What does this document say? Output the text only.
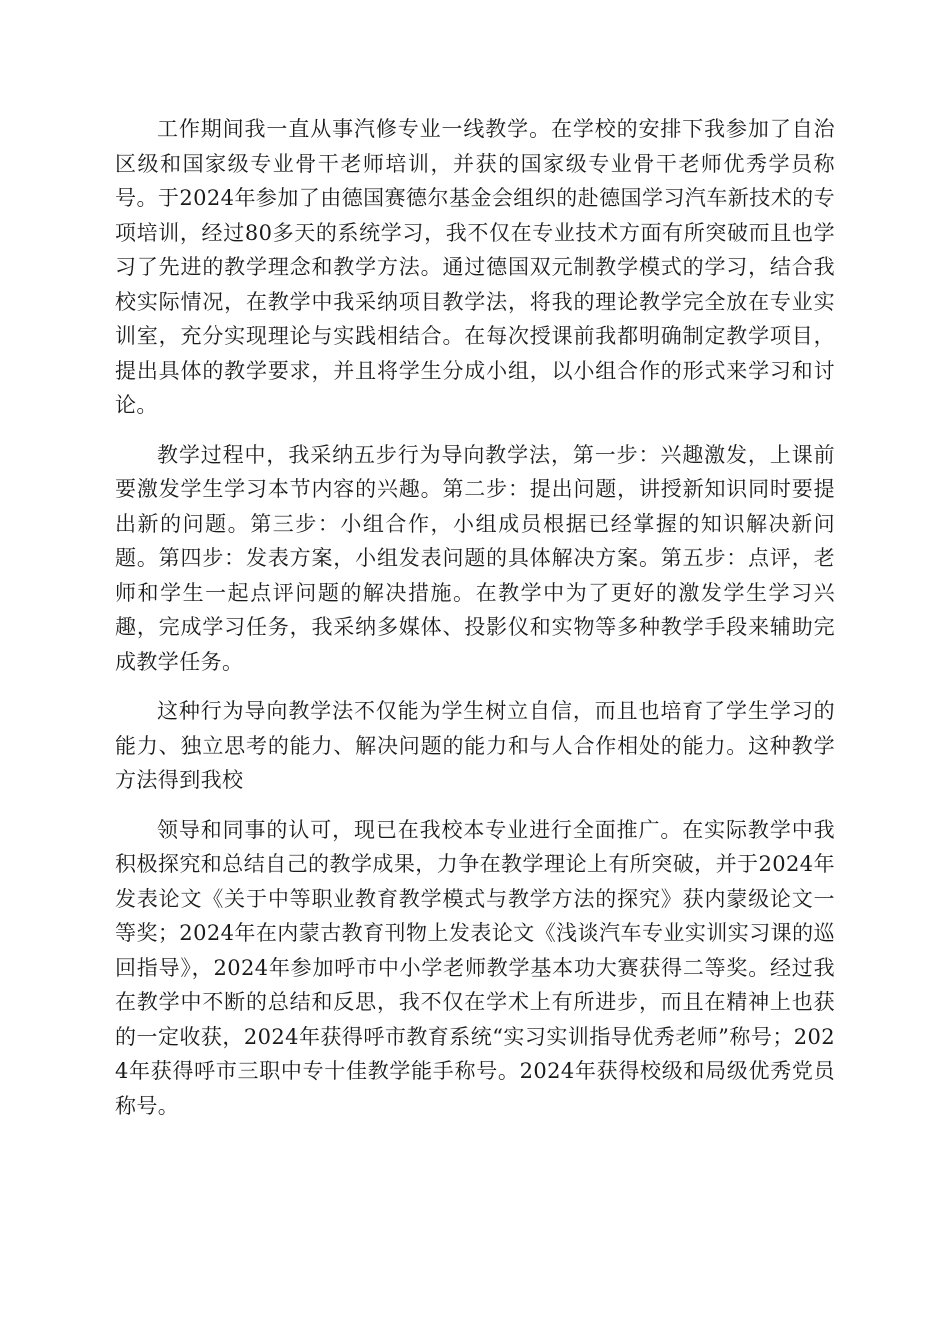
工作期间我一直从事汽修专业一线教学。在学校的安排下我参加了自治区级和国家级专业骨干老师培训，并获的国家级专业骨干老师优秀学员称号。于2024年参加了由德国赛德尔基金会组织的赴德国学习汽车新技术的专项培训，经过80多天的系统学习，我不仅在专业技术方面有所突破而且也学习了先进的教学理念和教学方法。通过德国双元制教学模式的学习，结合我校实际情况，在教学中我采纳项目教学法，将我的理论教学完全放在专业实训室，充分实现理论与实践相结合。在每次授课前我都明确制定教学项目，提出具体的教学要求，并且将学生分成小组，以小组合作的形式来学习和讨论。

教学过程中，我采纳五步行为导向教学法，第一步：兴趣激发，上课前要激发学生学习本节内容的兴趣。第二步：提出问题，讲授新知识同时要提出新的问题。第三步：小组合作，小组成员根据已经掌握的知识解决新问题。第四步：发表方案，小组发表问题的具体解决方案。第五步：点评，老师和学生一起点评问题的解决措施。在教学中为了更好的激发学生学习兴趣，完成学习任务，我采纳多媒体、投影仪和实物等多种教学手段来辅助完成教学任务。

这种行为导向教学法不仅能为学生树立自信，而且也培育了学生学习的能力、独立思考的能力、解决问题的能力和与人合作相处的能力。这种教学方法得到我校

领导和同事的认可，现已在我校本专业进行全面推广。在实际教学中我积极探究和总结自己的教学成果，力争在教学理论上有所突破，并于2024年发表论文《关于中等职业教育教学模式与教学方法的探究》获内蒙级论文一等奖；2024年在内蒙古教育刊物上发表论文《浅谈汽车专业实训实习课的巡回指导》，2024年参加呼市中小学老师教学基本功大赛获得二等奖。经过我在教学中不断的总结和反思，我不仅在学术上有所进步，而且在精神上也获的一定收获，2024年获得呼市教育系统“实习实训指导优秀老师”称号；2024年获得呼市三职中专十佳教学能手称号。2024年获得校级和局级优秀党员称号。
